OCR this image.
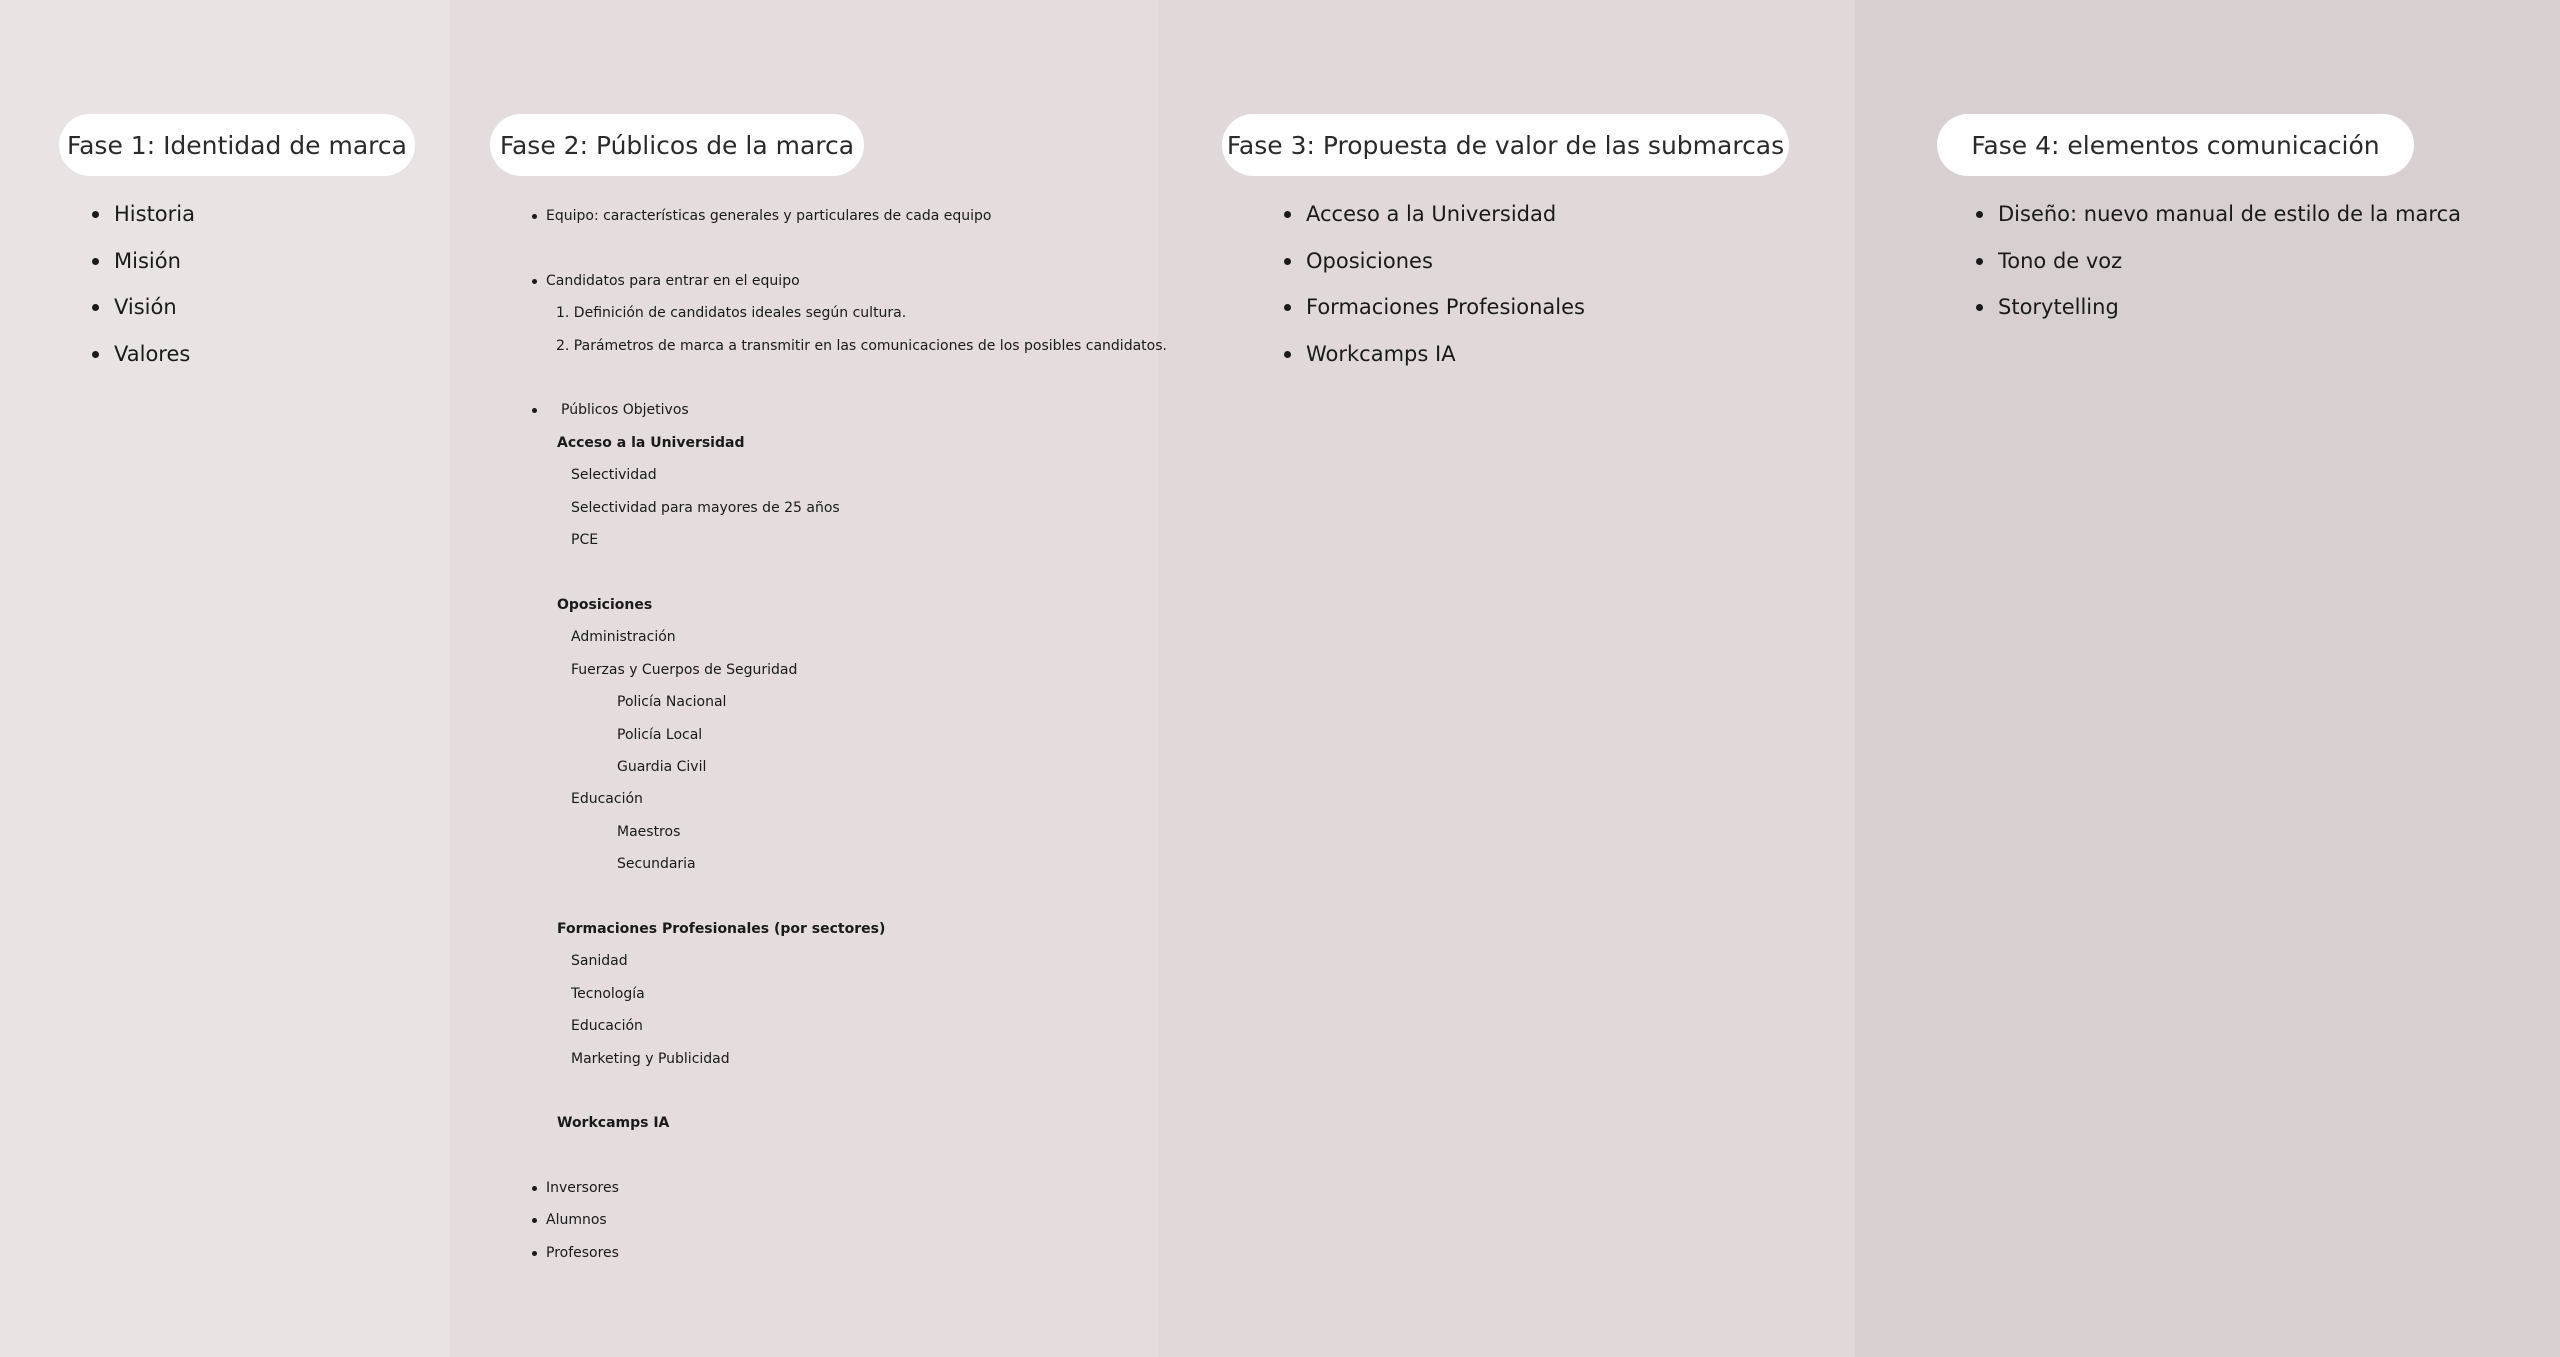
Fase 1: Identidad de marca
Historia
Misión
Visión
Valores
Fase 2: Públicos de la marca
Equipo: características generales y particulares de cada equipo
Candidatos para entrar en el equipo
1. Definición de candidatos ideales según cultura.
2. Parámetros de marca a transmitir en las comunicaciones de los posibles candidatos.
Públicos Objetivos
Acceso a la Universidad
Selectividad
Selectividad para mayores de 25 años
PCE
Oposiciones
Administración
Fuerzas y Cuerpos de Seguridad
Policía Nacional
Policía Local
Guardia Civil
Educación
Maestros
Secundaria
Formaciones Profesionales (por sectores)
Sanidad
Tecnología
Educación
Marketing y Publicidad
Workcamps IA
Inversores
Alumnos
Profesores
Fase 3: Propuesta de valor de las submarcas
Acceso a la Universidad
Oposiciones
Formaciones Profesionales
Workcamps IA
Fase 4: elementos comunicación
Diseño: nuevo manual de estilo de la marca
Tono de voz
Storytelling
